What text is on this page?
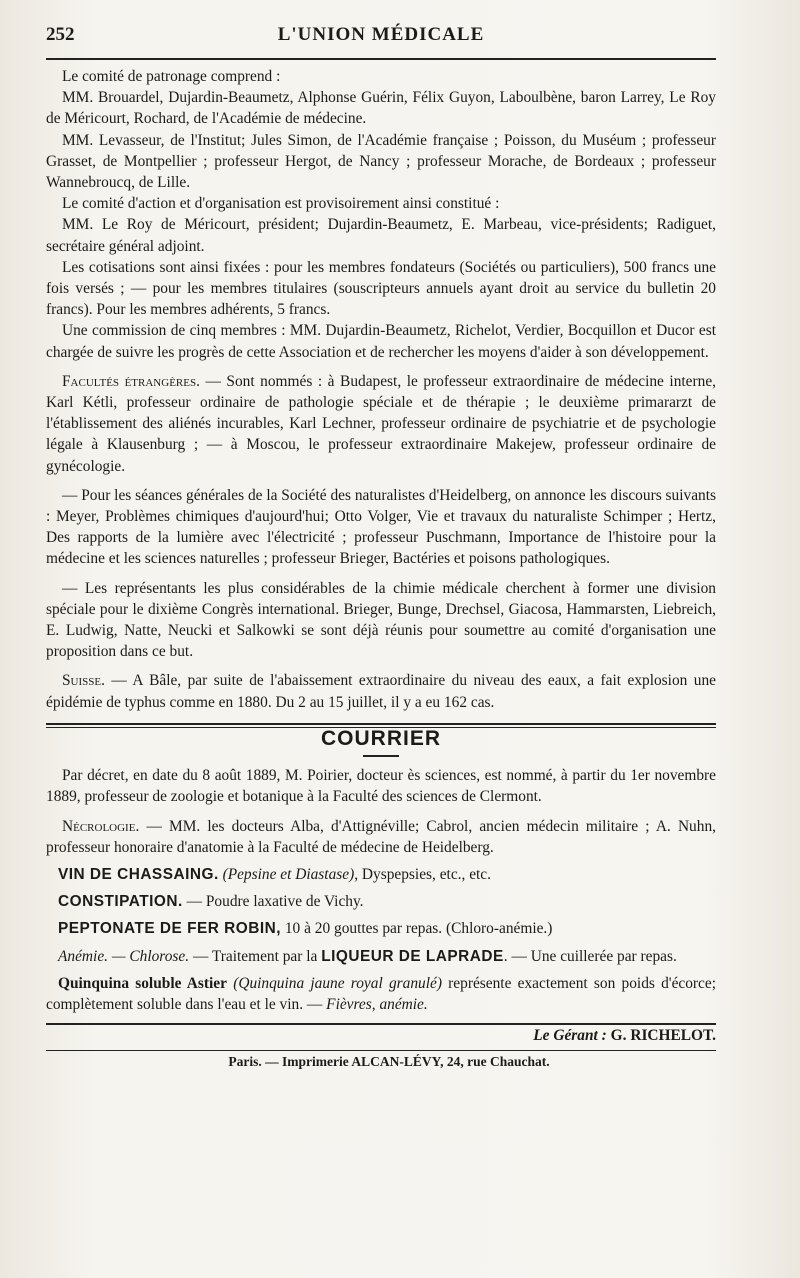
252	L'UNION MÉDICALE

Le comité de patronage comprend :

MM. Brouardel, Dujardin-Beaumetz, Alphonse Guérin, Félix Guyon, Laboulbène, baron Larrey, Le Roy de Méricourt, Rochard, de l'Académie de médecine.

MM. Levasseur, de l'Institut; Jules Simon, de l'Académie française ; Poisson, du Muséum ; professeur Grasset, de Montpellier ; professeur Hergot, de Nancy ; professeur Morache, de Bordeaux ; professeur Wannebroucq, de Lille.

Le comité d'action et d'organisation est provisoirement ainsi constitué :

MM. Le Roy de Méricourt, président; Dujardin-Beaumetz, E. Marbeau, vice-présidents; Radiguet, secrétaire général adjoint.

Les cotisations sont ainsi fixées : pour les membres fondateurs (Sociétés ou particuliers), 500 francs une fois versés ; — pour les membres titulaires (souscripteurs annuels ayant droit au service du bulletin 20 francs). Pour les membres adhérents, 5 francs.

Une commission de cinq membres : MM. Dujardin-Beaumetz, Richelot, Verdier, Bocquillon et Ducor est chargée de suivre les progrès de cette Association et de rechercher les moyens d'aider à son développement.

Facultés étrangères. — Sont nommés : à Budapest, le professeur extraordinaire de médecine interne, Karl Kétli, professeur ordinaire de pathologie spéciale et de thérapie ; le deuxième primararzt de l'établissement des aliénés incurables, Karl Lechner, professeur ordinaire de psychiatrie et de psychologie légale à Klausenburg ; — à Moscou, le professeur extraordinaire Makejew, professeur ordinaire de gynécologie.

— Pour les séances générales de la Société des naturalistes d'Heidelberg, on annonce les discours suivants : Meyer, Problèmes chimiques d'aujourd'hui; Otto Volger, Vie et travaux du naturaliste Schimper ; Hertz, Des rapports de la lumière avec l'électricité ; professeur Puschmann, Importance de l'histoire pour la médecine et les sciences naturelles ; professeur Brieger, Bactéries et poisons pathologiques.

— Les représentants les plus considérables de la chimie médicale cherchent à former une division spéciale pour le dixième Congrès international. Brieger, Bunge, Drechsel, Giacosa, Hammarsten, Liebreich, E. Ludwig, Natte, Neucki et Salkowki se sont déjà réunis pour soumettre au comité d'organisation une proposition dans ce but.

Suisse. — A Bâle, par suite de l'abaissement extraordinaire du niveau des eaux, a fait explosion une épidémie de typhus comme en 1880. Du 2 au 15 juillet, il y a eu 162 cas.

COURRIER

Par décret, en date du 8 août 1889, M. Poirier, docteur ès sciences, est nommé, à partir du 1er novembre 1889, professeur de zoologie et botanique à la Faculté des sciences de Clermont.

Nécrologie. — MM. les docteurs Alba, d'Attignéville; Cabrol, ancien médecin militaire ; A. Nuhn, professeur honoraire d'anatomie à la Faculté de médecine de Heidelberg.

VIN DE CHASSAING. (Pepsine et Diastase), Dyspepsies, etc., etc.

CONSTIPATION. — Poudre laxative de Vichy.

PEPTONATE DE FER ROBIN, 10 à 20 gouttes par repas. (Chloro-anémie.)

Anémie. — Chlorose. — Traitement par la LIQUEUR DE LAPRADE. — Une cuillerée par repas.

Quinquina soluble Astier (Quinquina jaune royal granulé) représente exactement son poids d'écorce; complètement soluble dans l'eau et le vin. — Fièvres, anémie.

Le Gérant : G. RICHELOT.

Paris. — Imprimerie ALCAN-LÉVY, 24, rue Chauchat.
